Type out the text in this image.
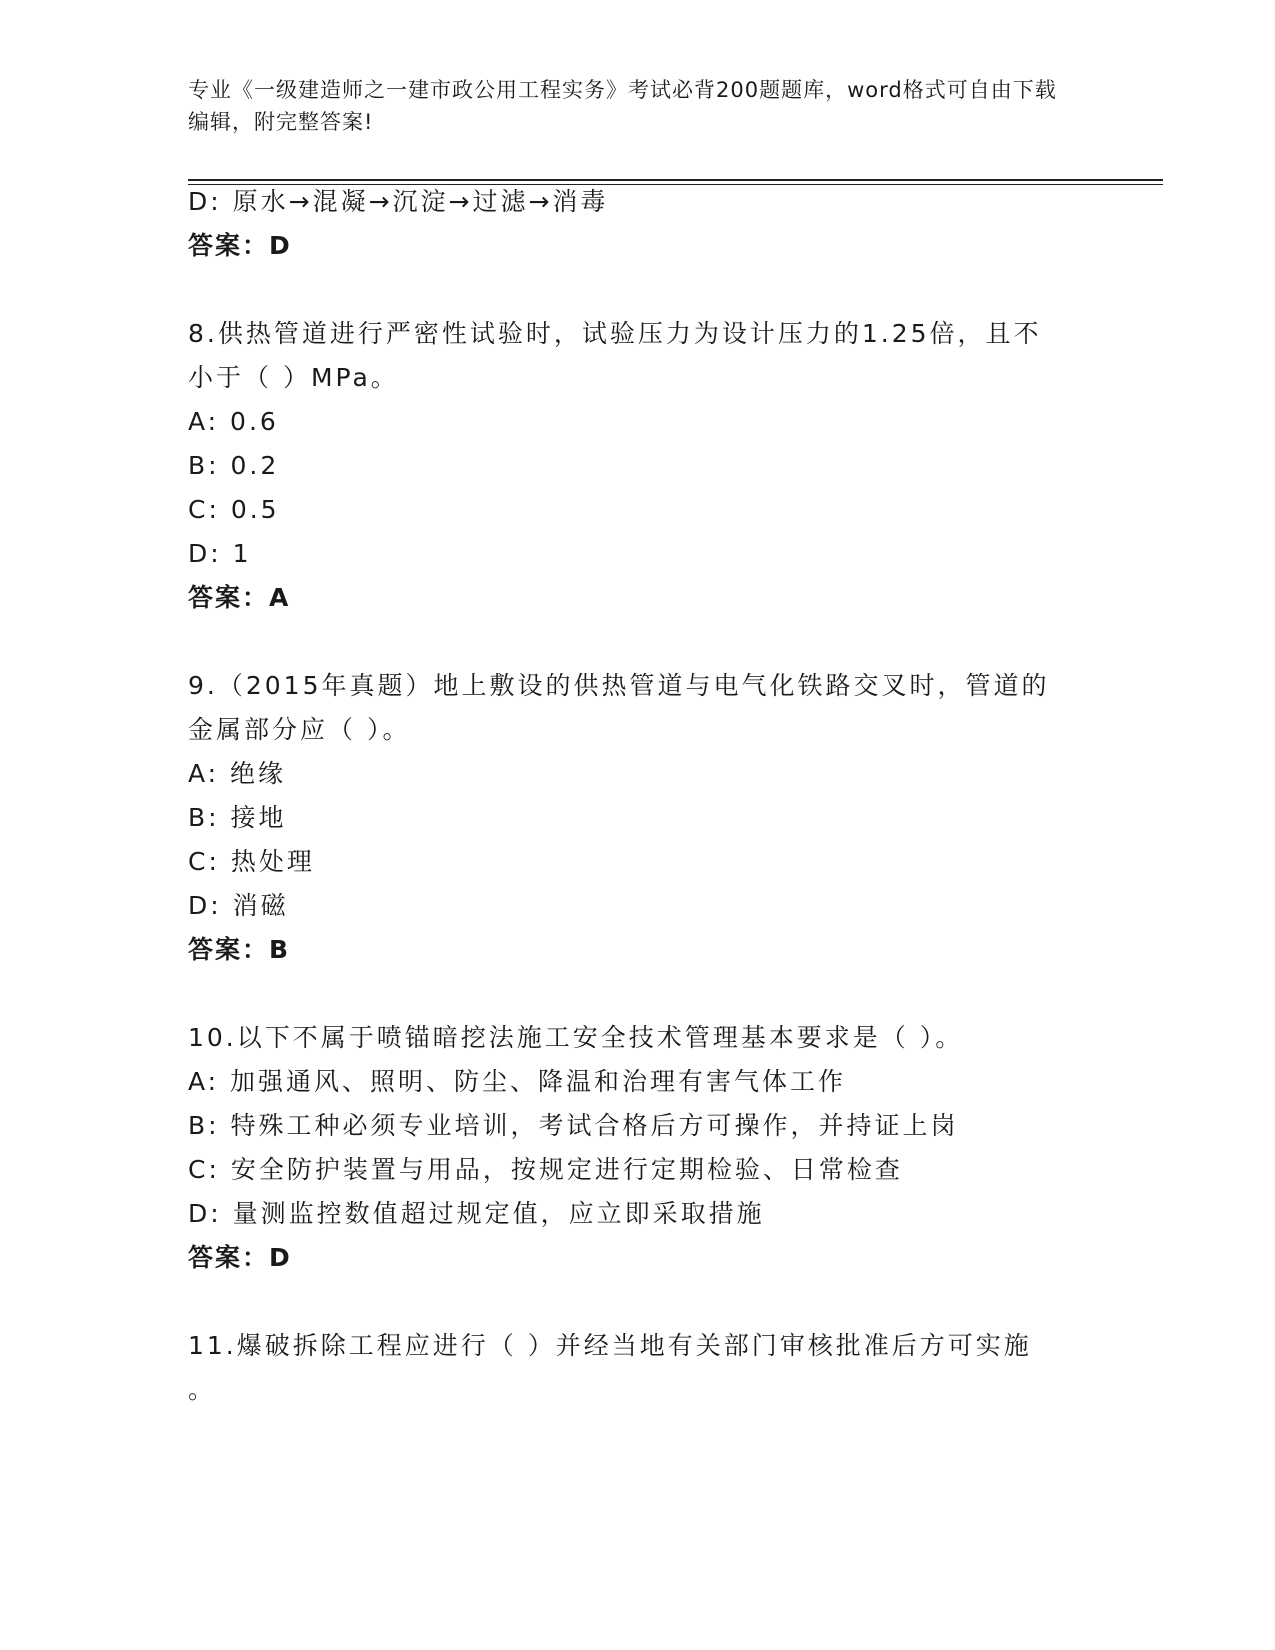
专业《一级建造师之一建市政公用工程实务》考试必背200题题库，word格式可自由下载编辑，附完整答案!
D: 原水→混凝→沉淀→过滤→消毒
答案：D
8.供热管道进行严密性试验时，试验压力为设计压力的1.25倍，且不
小于（ ）MPa。
A: 0.6
B: 0.2
C: 0.5
D: 1
答案：A
9.（2015年真题）地上敷设的供热管道与电气化铁路交叉时，管道的
金属部分应（ ）。
A: 绝缘
B: 接地
C: 热处理
D: 消磁
答案：B
10.以下不属于喷锚暗挖法施工安全技术管理基本要求是（ ）。
A: 加强通风、照明、防尘、降温和治理有害气体工作
B: 特殊工种必须专业培训，考试合格后方可操作，并持证上岗
C: 安全防护装置与用品，按规定进行定期检验、日常检查
D: 量测监控数值超过规定值，应立即采取措施
答案：D
11.爆破拆除工程应进行（ ）并经当地有关部门审核批准后方可实施
。
